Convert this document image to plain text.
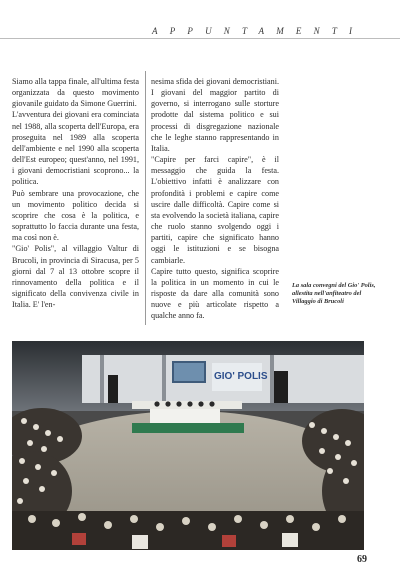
APPUNTAMENTI

Siamo alla tappa finale, all'ultima festa organizzata da questo movimento giovanile guidato da Simone Guerrini.

L'avventura dei giovani era cominciata nel 1988, alla scoperta dell'Europa, era proseguita nel 1989 alla scoperta dell'ambiente e nel 1990 alla scoperta dell'Est europeo; quest'anno, nel 1991, i giovani democristiani scoprono... la politica.

Può sembrare una provocazione, che un movimento politico decida si scoprire che cosa è la politica, e soprattutto lo faccia durante una festa, ma così non è.

"Gio' Polis", al villaggio Valtur di Brucoli, in provincia di Siracusa, per 5 giorni dal 7 al 13 ottobre scopre il rinnovamento della politica e il significato della convivenza civile in Italia. E' l'en-

nesima sfida dei giovani democristiani. I giovani del maggior partito di governo, si interrogano sulle storture prodotte dal sistema politico e sui processi di disgregazione nazionale che le leghe stanno rappresentando in Italia.

"Capire per farci capire", è il messaggio che guida la festa. L'obiettivo infatti è analizzare con profondità i problemi e capire come uscire dalle difficoltà. Capire come si sta evolvendo la società italiana, capire che ruolo stanno svolgendo oggi i partiti, capire che significato hanno oggi le istituzioni e se bisogna cambiarle.

Capire tutto questo, significa scoprire la politica in un momento in cui le risposte da dare alla comunità sono nuove e più articolate rispetto a qualche anno fa.

La sala convegni del Gio' Polis, allestita nell'anfiteatro del Villaggio di Brucoli
GIO' POLIS
69
